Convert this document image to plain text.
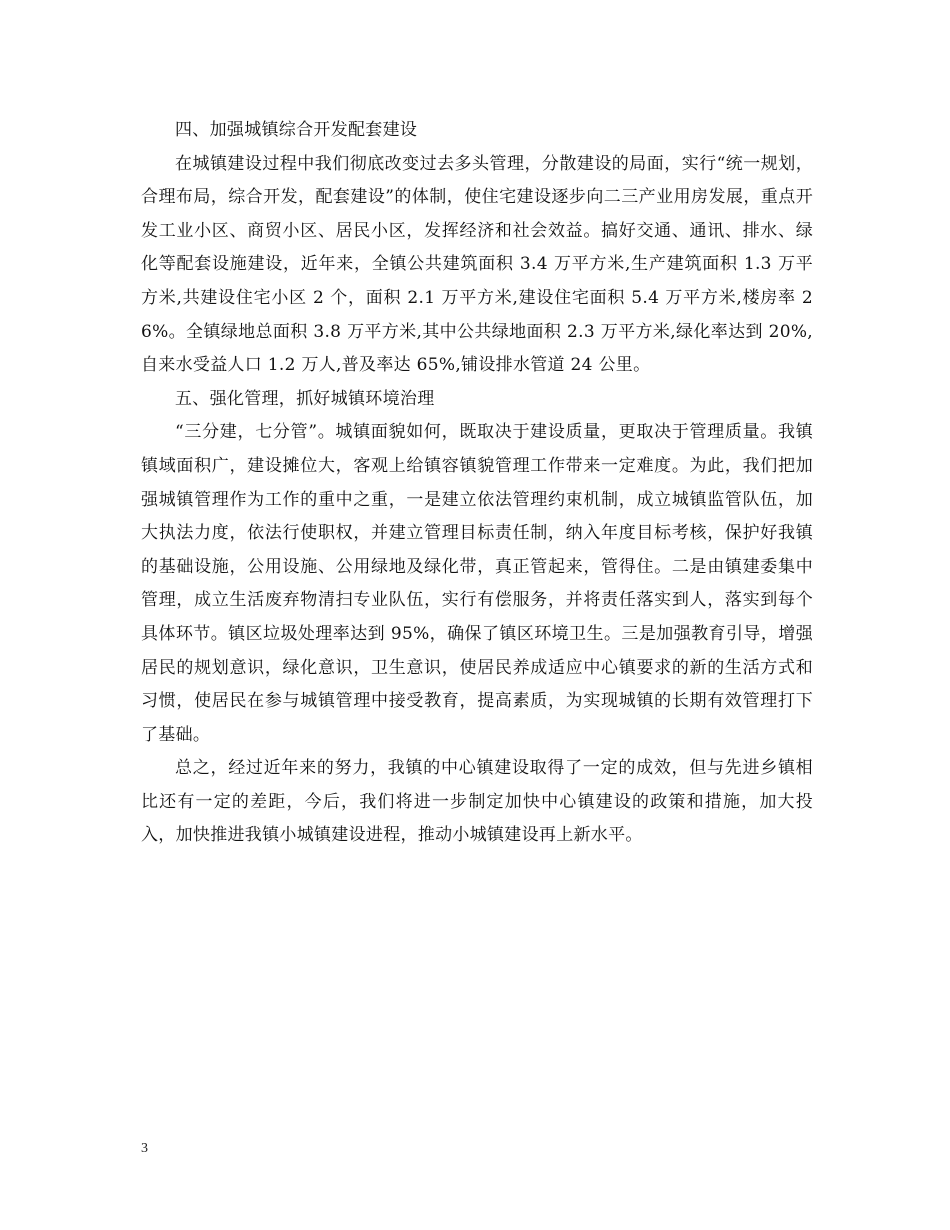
四、加强城镇综合开发配套建设

在城镇建设过程中我们彻底改变过去多头管理，分散建设的局面，实行“统一规划，合理布局，综合开发，配套建设”的体制，使住宅建设逐步向二三产业用房发展，重点开发工业小区、商贸小区、居民小区，发挥经济和社会效益。搞好交通、通讯、排水、绿化等配套设施建设，近年来，全镇公共建筑面积 3.4 万平方米,生产建筑面积 1.3 万平方米,共建设住宅小区 2 个，面积 2.1 万平方米,建设住宅面积 5.4 万平方米,楼房率 26%。全镇绿地总面积 3.8 万平方米,其中公共绿地面积 2.3 万平方米,绿化率达到 20%,自来水受益人口 1.2 万人,普及率达 65%,铺设排水管道 24 公里。

五、强化管理，抓好城镇环境治理

“三分建，七分管”。城镇面貌如何，既取决于建设质量，更取决于管理质量。我镇镇域面积广，建设摊位大，客观上给镇容镇貌管理工作带来一定难度。为此，我们把加强城镇管理作为工作的重中之重，一是建立依法管理约束机制，成立城镇监管队伍，加大执法力度，依法行使职权，并建立管理目标责任制，纳入年度目标考核，保护好我镇的基础设施，公用设施、公用绿地及绿化带，真正管起来，管得住。二是由镇建委集中管理，成立生活废弃物清扫专业队伍，实行有偿服务，并将责任落实到人，落实到每个具体环节。镇区垃圾处理率达到 95%，确保了镇区环境卫生。三是加强教育引导，增强居民的规划意识，绿化意识，卫生意识，使居民养成适应中心镇要求的新的生活方式和习惯，使居民在参与城镇管理中接受教育，提高素质，为实现城镇的长期有效管理打下了基础。

总之，经过近年来的努力，我镇的中心镇建设取得了一定的成效，但与先进乡镇相比还有一定的差距，今后，我们将进一步制定加快中心镇建设的政策和措施，加大投入，加快推进我镇小城镇建设进程，推动小城镇建设再上新水平。

3
